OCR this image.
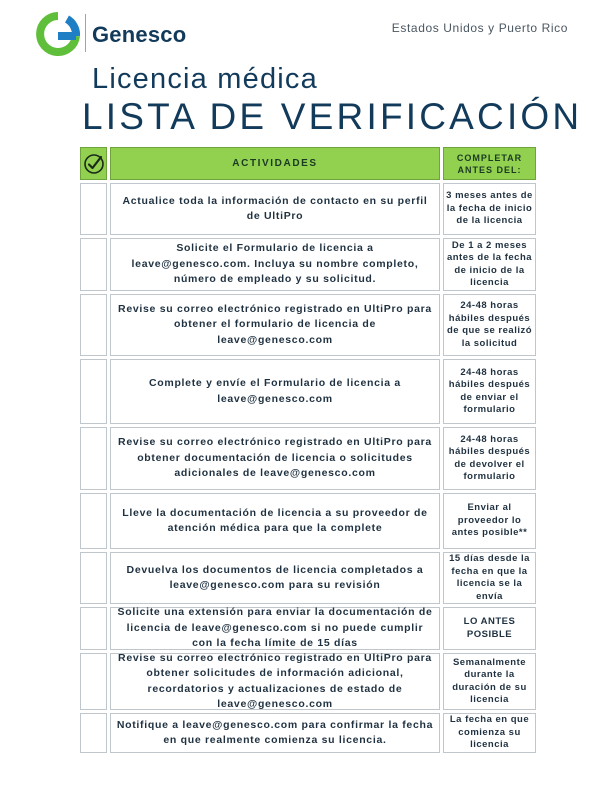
Genesco	Estados Unidos y Puerto Rico
Licencia médica
LISTA DE VERIFICACIÓN
ACTIVIDADES
COMPLETAR ANTES DEL:
Actualice toda la información de contacto en su perfil de UltiPro
3 meses antes de la fecha de inicio de la licencia
Solicite el Formulario de licencia a leave@genesco.com. Incluya su nombre completo, número de empleado y su solicitud.
De 1 a 2 meses antes de la fecha de inicio de la licencia
Revise su correo electrónico registrado en UltiPro para obtener el formulario de licencia de leave@genesco.com
24-48 horas hábiles después de que se realizó la solicitud
Complete y envíe el Formulario de licencia a leave@genesco.com
24-48 horas hábiles después de enviar el formulario
Revise su correo electrónico registrado en UltiPro para obtener documentación de licencia o solicitudes adicionales de leave@genesco.com
24-48 horas hábiles después de devolver el formulario
Lleve la documentación de licencia a su proveedor de atención médica para que la complete
Enviar al proveedor lo antes posible**
Devuelva los documentos de licencia completados a leave@genesco.com para su revisión
15 días desde la fecha en que la licencia se la envía
Solicite una extensión para enviar la documentación de licencia de leave@genesco.com si no puede cumplir con la fecha límite de 15 días
LO ANTES POSIBLE
Revise su correo electrónico registrado en UltiPro para obtener solicitudes de información adicional, recordatorios y actualizaciones de estado de leave@genesco.com
Semanalmente durante la duración de su licencia
Notifique a leave@genesco.com para confirmar la fecha en que realmente comienza su licencia.
La fecha en que comienza su licencia
